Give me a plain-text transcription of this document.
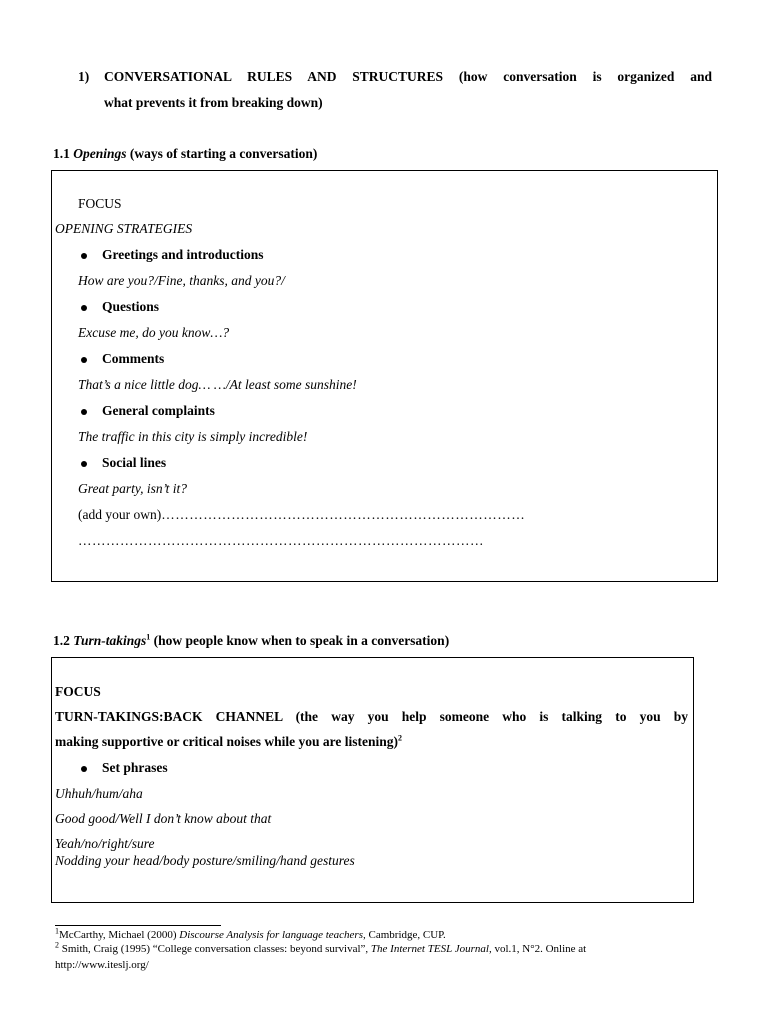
1) CONVERSATIONAL RULES AND STRUCTURES (how conversation is organized and
what prevents it from breaking down)
1.1 Openings (ways of starting a conversation)
FOCUS
OPENING STRATEGIES
Greetings and introductions
How are you?/Fine, thanks, and you?/
Questions
Excuse me, do you know…?
Comments
That’s a nice little dog… …/At least some sunshine!
General complaints
The traffic in this city is simply incredible!
Social lines
Great party, isn’t it?
(add your own)……………………………………………………………………
……………………………………………………………………………
1.2 Turn-takings$^1$ (how people know when to speak in a conversation)
FOCUS
TURN-TAKINGS:BACK CHANNEL (the way you help someone who is talking to you by
making supportive or critical noises while you are listening)$^2$
Set phrases
Uhhuh/hum/aha
Good good/Well I don’t know about that
Yeah/no/right/sure
Nodding your head/body posture/smiling/hand gestures
$^1$McCarthy, Michael (2000) Discourse Analysis for language teachers, Cambridge, CUP.
$^2$ Smith, Craig (1995) “College conversation classes: beyond survival”, The Internet TESL Journal, vol.1, N°2. Online at
http://www.iteslj.org/
